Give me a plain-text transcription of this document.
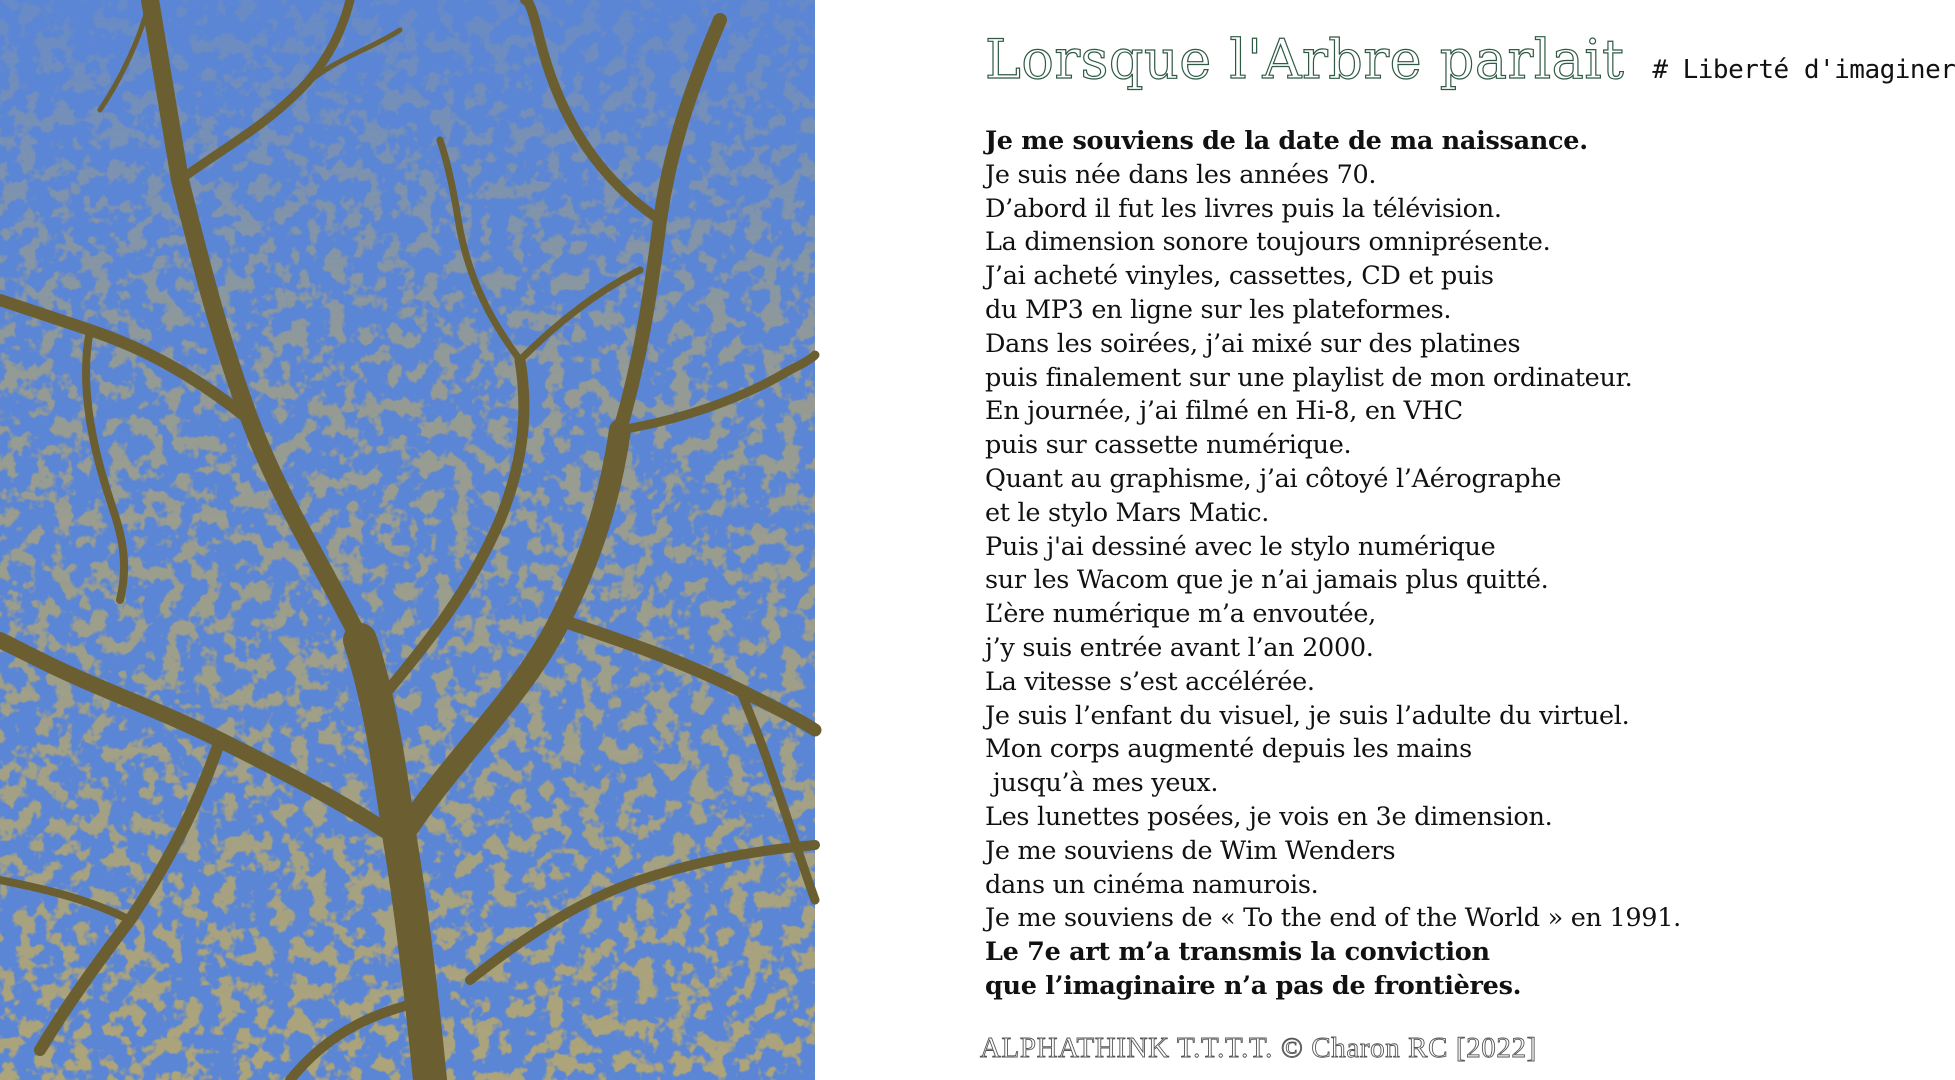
Lorsque l'Arbre parlait # Liberté d'imaginer
Je me souviens de la date de ma naissance.
Je suis née dans les années 70.
D’abord il fut les livres puis la télévision.
La dimension sonore toujours omniprésente.
J’ai acheté vinyles, cassettes, CD et puis
du MP3 en ligne sur les plateformes.
Dans les soirées, j’ai mixé sur des platines
puis finalement sur une playlist de mon ordinateur.
En journée, j’ai filmé en Hi-8, en VHC
puis sur cassette numérique.
Quant au graphisme, j’ai côtoyé l’Aérographe
et le stylo Mars Matic.
Puis j'ai dessiné avec le stylo numérique
sur les Wacom que je n’ai jamais plus quitté.
L’ère numérique m’a envoutée,
j’y suis entrée avant l’an 2000.
La vitesse s’est accélérée.
Je suis l’enfant du visuel, je suis l’adulte du virtuel.
Mon corps augmenté depuis les mains
jusqu’à mes yeux.
Les lunettes posées, je vois en 3e dimension.
Je me souviens de Wim Wenders
dans un cinéma namurois.
Je me souviens de « To the end of the World » en 1991.
Le 7e art m’a transmis la conviction
que l’imaginaire n’a pas de frontières.
ALPHATHINK T.T.T.T. © Charon RC [2022]
